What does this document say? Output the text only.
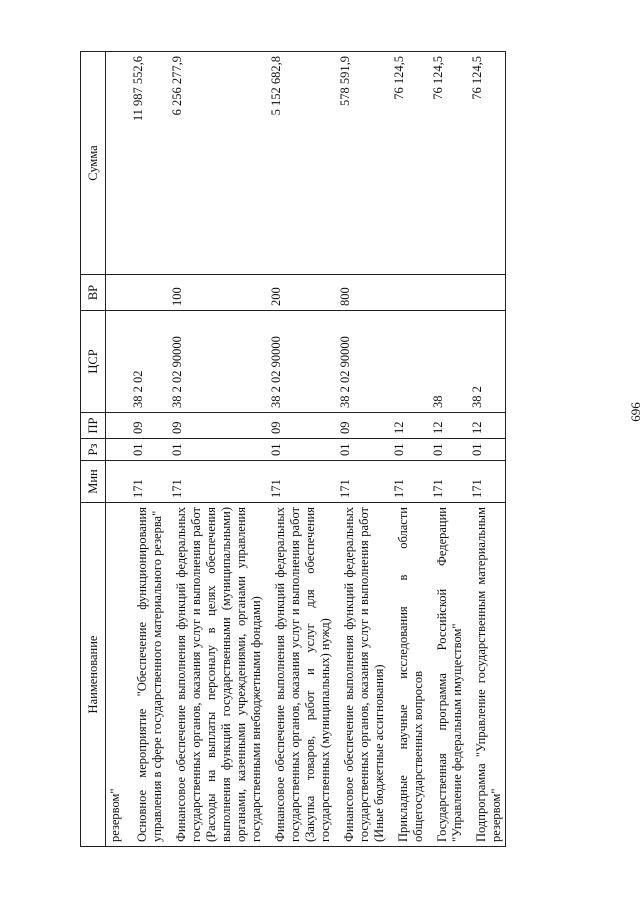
696
Наименование	Мин	Рз	ПР	ЦСР	ВР	Сумма
резервом"						
Основное мероприятие "Обеспечение функционирования управления в сфере государственного материального резерва"	171	01	09	38 2 02		11 987 552,6
Финансовое обеспечение выполнения функций федеральных государственных органов, оказания услуг и выполнения работ (Расходы на выплаты персоналу в целях обеспечения выполнения функций государственными (муниципальными) органами, казенными учреждениями, органами управления государственными внебюджетными фондами)	171	01	09	38 2 02 90000	100	6 256 277,9
Финансовое обеспечение выполнения функций федеральных государственных органов, оказания услуг и выполнения работ (Закупка товаров, работ и услуг для обеспечения государственных (муниципальных) нужд)	171	01	09	38 2 02 90000	200	5 152 682,8
Финансовое обеспечение выполнения функций федеральных государственных органов, оказания услуг и выполнения работ (Иные бюджетные ассигнования)	171	01	09	38 2 02 90000	800	578 591,9
Прикладные научные исследования в области общегосударственных вопросов	171	01	12			76 124,5
Государственная программа Российской Федерации "Управление федеральным имуществом"	171	01	12	38		76 124,5
Подпрограмма "Управление государственным материальным резервом"	171	01	12	38 2		76 124,5
